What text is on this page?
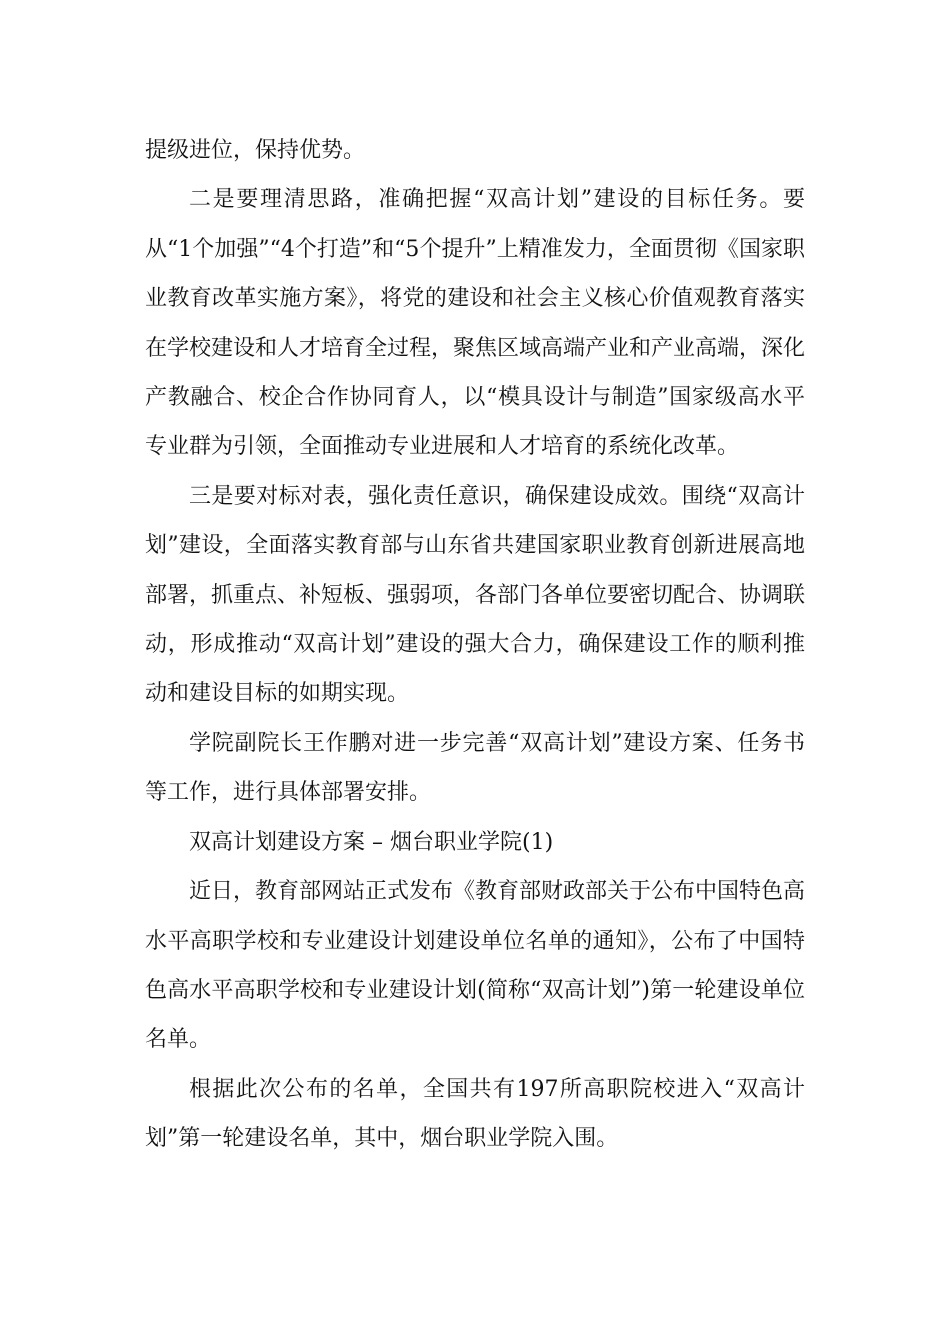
提级进位，保持优势。

二是要理清思路，准确把握“双高计划”建设的目标任务。要从“1个加强”“4个打造”和“5个提升”上精准发力，全面贯彻《国家职业教育改革实施方案》，将党的建设和社会主义核心价值观教育落实在学校建设和人才培育全过程，聚焦区域高端产业和产业高端，深化产教融合、校企合作协同育人，以“模具设计与制造”国家级高水平专业群为引领，全面推动专业进展和人才培育的系统化改革。

三是要对标对表，强化责任意识，确保建设成效。围绕“双高计划”建设，全面落实教育部与山东省共建国家职业教育创新进展高地部署，抓重点、补短板、强弱项，各部门各单位要密切配合、协调联动，形成推动“双高计划”建设的强大合力，确保建设工作的顺利推动和建设目标的如期实现。

学院副院长王作鹏对进一步完善“双高计划”建设方案、任务书等工作，进行具体部署安排。

双高计划建设方案 – 烟台职业学院(1)

近日，教育部网站正式发布《教育部财政部关于公布中国特色高水平高职学校和专业建设计划建设单位名单的通知》，公布了中国特色高水平高职学校和专业建设计划(简称“双高计划”)第一轮建设单位名单。

根据此次公布的名单，全国共有197所高职院校进入“双高计划”第一轮建设名单，其中，烟台职业学院入围。
